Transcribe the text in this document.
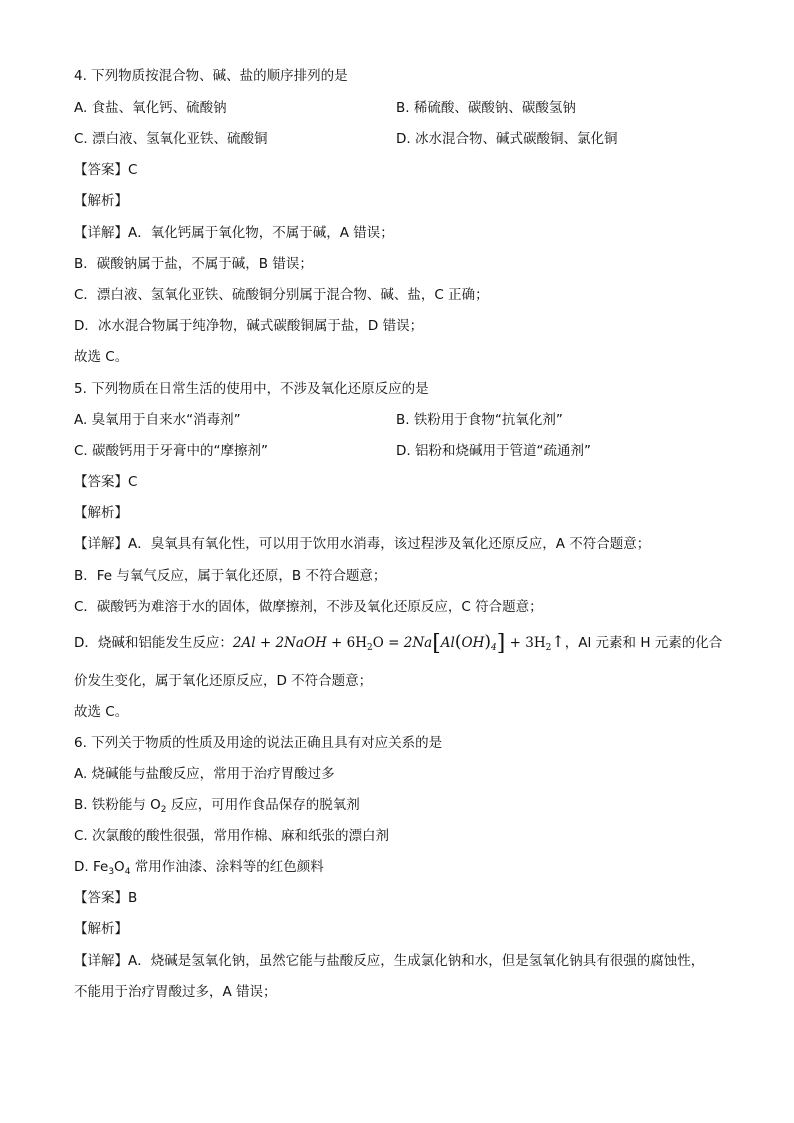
4. 下列物质按混合物、碱、盐的顺序排列的是
A. 食盐、氧化钙、硫酸钠	B. 稀硫酸、碳酸钠、碳酸氢钠
C. 漂白液、氢氧化亚铁、硫酸铜	D. 冰水混合物、碱式碳酸铜、氯化铜
【答案】C
【解析】
【详解】A．氧化钙属于氧化物，不属于碱，A 错误；
B．碳酸钠属于盐，不属于碱，B 错误；
C．漂白液、氢氧化亚铁、硫酸铜分别属于混合物、碱、盐，C 正确；
D．冰水混合物属于纯净物，碱式碳酸铜属于盐，D 错误；
故选 C。
5. 下列物质在日常生活的使用中，不涉及氧化还原反应的是
A. 臭氧用于自来水“消毒剂”	B. 铁粉用于食物“抗氧化剂”
C. 碳酸钙用于牙膏中的“摩擦剂”	D. 铝粉和烧碱用于管道“疏通剂”
【答案】C
【解析】
【详解】A．臭氧具有氧化性，可以用于饮用水消毒，该过程涉及氧化还原反应，A 不符合题意；
B．Fe 与氧气反应，属于氧化还原，B 不符合题意；
C．碳酸钙为难溶于水的固体，做摩擦剂，不涉及氧化还原反应，C 符合题意；
D．烧碱和铝能发生反应：2Al + 2NaOH + $6H_2O = 2Na[Al(OH)_4]$ + $3H_2↑$，Al 元素和 H 元素的化合
价发生变化，属于氧化还原反应，D 不符合题意；
故选 C。
6. 下列关于物质的性质及用途的说法正确且具有对应关系的是
A. 烧碱能与盐酸反应，常用于治疗胃酸过多
B. 铁粉能与 $O_2$ 反应，可用作食品保存的脱氧剂
C. 次氯酸的酸性很强，常用作棉、麻和纸张的漂白剂
D. $Fe_3O_4$ 常用作油漆、涂料等的红色颜料
【答案】B
【解析】
【详解】A．烧碱是氢氧化钠，虽然它能与盐酸反应，生成氯化钠和水，但是氢氧化钠具有很强的腐蚀性，
不能用于治疗胃酸过多，A 错误；
